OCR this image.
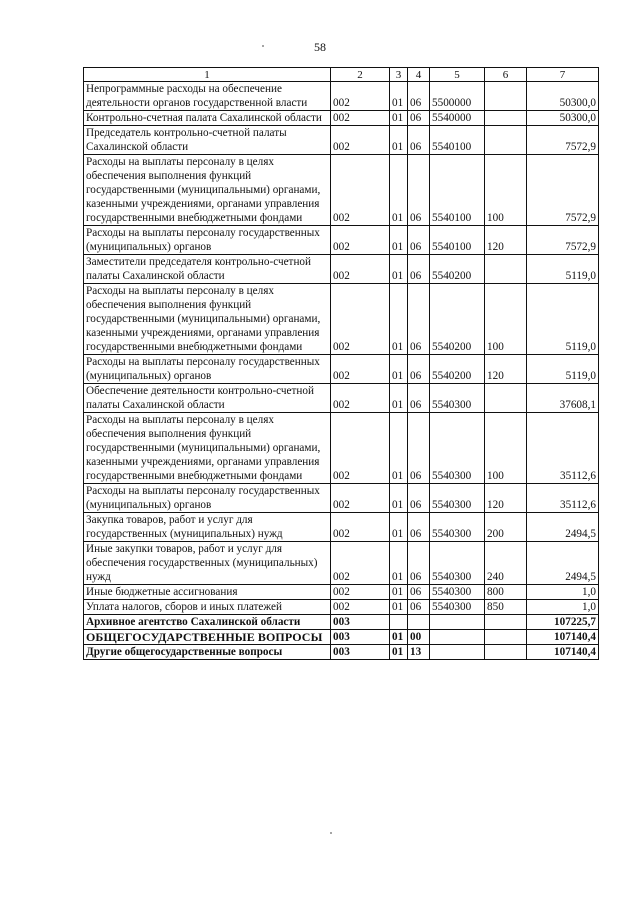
58
1	2	3	4	5	6	7
Непрограммные расходы на обеспечение деятельности органов государственной власти	002	01	06	5500000		50300,0
Контрольно-счетная палата Сахалинской области	002	01	06	5540000		50300,0
Председатель контрольно-счетной палаты Сахалинской области	002	01	06	5540100		7572,9
Расходы на выплаты персоналу в целях обеспечения выполнения функций государственными (муниципальными) органами, казенными учреждениями, органами управления государственными внебюджетными фондами	002	01	06	5540100	100	7572,9
Расходы на выплаты персоналу государственных (муниципальных) органов	002	01	06	5540100	120	7572,9
Заместители председателя контрольно-счетной палаты Сахалинской области	002	01	06	5540200		5119,0
Расходы на выплаты персоналу в целях обеспечения выполнения функций государственными (муниципальными) органами, казенными учреждениями, органами управления государственными внебюджетными фондами	002	01	06	5540200	100	5119,0
Расходы на выплаты персоналу государственных (муниципальных) органов	002	01	06	5540200	120	5119,0
Обеспечение деятельности контрольно-счетной палаты Сахалинской области	002	01	06	5540300		37608,1
Расходы на выплаты персоналу в целях обеспечения выполнения функций государственными (муниципальными) органами, казенными учреждениями, органами управления государственными внебюджетными фондами	002	01	06	5540300	100	35112,6
Расходы на выплаты персоналу государственных (муниципальных) органов	002	01	06	5540300	120	35112,6
Закупка товаров, работ и услуг для государственных (муниципальных) нужд	002	01	06	5540300	200	2494,5
Иные закупки товаров, работ и услуг для обеспечения государственных (муниципальных) нужд	002	01	06	5540300	240	2494,5
Иные бюджетные ассигнования	002	01	06	5540300	800	1,0
Уплата налогов, сборов и иных платежей	002	01	06	5540300	850	1,0
Архивное агентство Сахалинской области	003					107225,7
ОБЩЕГОСУДАРСТВЕННЫЕ ВОПРОСЫ	003	01	00			107140,4
Другие общегосударственные вопросы	003	01	13			107140,4
